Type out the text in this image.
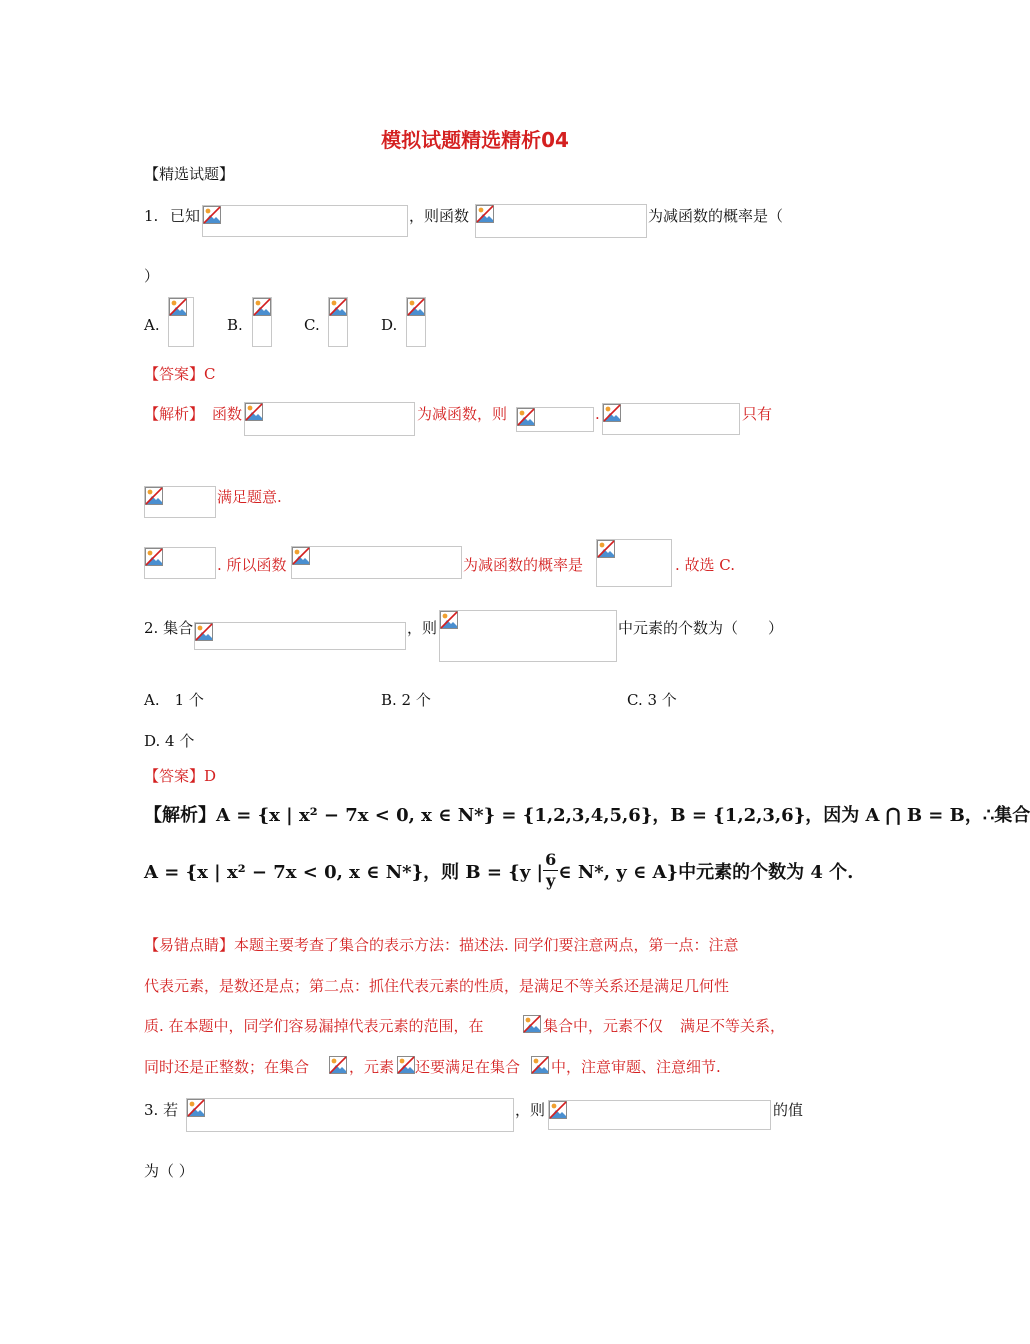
模拟试题精选精析04
【精选试题】
1. 已知	，则函数	为减函数的概率是（
）
A.	B.	C.	D.
【答案】C
【解析】 函数	为减函数，则	.	只有
满足题意.
. 所以函数	为减函数的概率是	. 故选 C.
2. 集合	，则	中元素的个数为（　　）
A.　1 个	B. 2 个	C. 3 个
D. 4 个
【答案】D
【解析】A = {x | x² − 7x < 0, x ∈ N*} = {1,2,3,4,5,6}，B = {1,2,3,6}，因为 A ⋂ B = B，∴集合
A = {x | x² − 7x < 0, x ∈ N*}，则 B = {y | $\frac{6}{y}$ ∈ N*, y ∈ A}中元素的个数为 4 个.
【易错点睛】本题主要考查了集合的表示方法：描述法. 同学们要注意两点，第一点：注意
代表元素，是数还是点；第二点：抓住代表元素的性质，是满足不等关系还是满足几何性
质. 在本题中，同学们容易漏掉代表元素的范围，在	集合中，元素不仅 满足不等关系，
同时还是正整数；在集合	，元素 还要满足在集合 中，注意审题、注意细节.
3. 若	，则	的值
为（ ）
